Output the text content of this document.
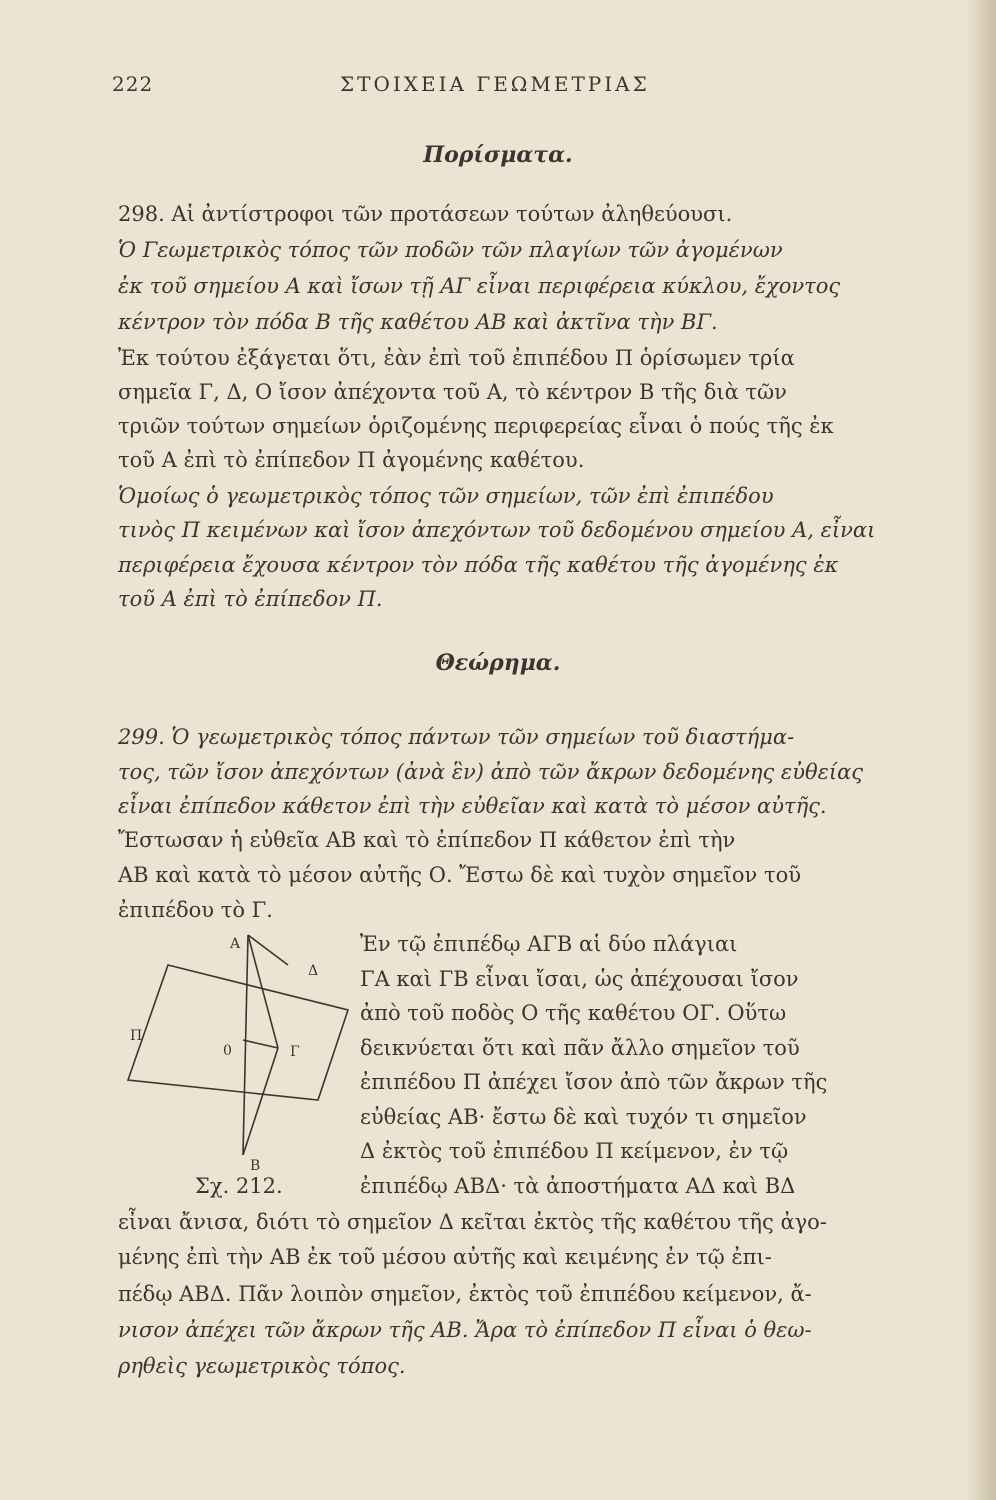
222	ΣΤΟΙΧΕΙΑ ΓΕΩΜΕΤΡΙΑΣ
Πορίσματα.
298. Αἱ ἀντίστροφοι τῶν προτάσεων τούτων ἀληθεύουσι.
Ὁ Γεωμετρικὸς τόπος τῶν ποδῶν τῶν πλαγίων τῶν ἀγομένων
ἐκ τοῦ σημείου Α καὶ ἴσων τῇ ΑΓ εἶναι περιφέρεια κύκλου, ἔχοντος
κέντρον τὸν πόδα Β τῆς καθέτου ΑΒ καὶ ἀκτῖνα τὴν ΒΓ.
Ἐκ τούτου ἐξάγεται ὅτι, ἐὰν ἐπὶ τοῦ ἐπιπέδου Π ὁρίσωμεν τρία
σημεῖα Γ, Δ, Ο ἴσον ἀπέχοντα τοῦ Α, τὸ κέντρον Β τῆς διὰ τῶν
τριῶν τούτων σημείων ὁριζομένης περιφερείας εἶναι ὁ πούς τῆς ἐκ
τοῦ Α ἐπὶ τὸ ἐπίπεδον Π ἀγομένης καθέτου.
Ὁμοίως ὁ γεωμετρικὸς τόπος τῶν σημείων, τῶν ἐπὶ ἐπιπέδου
τινὸς Π κειμένων καὶ ἴσον ἀπεχόντων τοῦ δεδομένου σημείου Α, εἶναι
περιφέρεια ἔχουσα κέντρον τὸν πόδα τῆς καθέτου τῆς ἀγομένης ἐκ
τοῦ Α ἐπὶ τὸ ἐπίπεδον Π.
Θεώρημα.
299. Ὁ γεωμετρικὸς τόπος πάντων τῶν σημείων τοῦ διαστήμα-
τος, τῶν ἴσον ἀπεχόντων (ἀνὰ ἓν) ἀπὸ τῶν ἄκρων δεδομένης εὐθείας
εἶναι ἐπίπεδον κάθετον ἐπὶ τὴν εὐθεῖαν καὶ κατὰ τὸ μέσον αὐτῆς.
Ἔστωσαν ἡ εὐθεῖα ΑΒ καὶ τὸ ἐπίπεδον Π κάθετον ἐπὶ τὴν
ΑΒ καὶ κατὰ τὸ μέσον αὐτῆς Ο. Ἔστω δὲ καὶ τυχὸν σημεῖον τοῦ
ἐπιπέδου τὸ Γ.
A
Δ
Π
0	Γ
B
Ἐν τῷ ἐπιπέδῳ ΑΓΒ αἱ δύο πλάγιαι
ΓΑ καὶ ΓΒ εἶναι ἴσαι, ὡς ἀπέχουσαι ἴσον
ἀπὸ τοῦ ποδὸς Ο τῆς καθέτου ΟΓ. Οὕτω
δεικνύεται ὅτι καὶ πᾶν ἄλλο σημεῖον τοῦ
ἐπιπέδου Π ἀπέχει ἴσον ἀπὸ τῶν ἄκρων τῆς
εὐθείας ΑΒ· ἔστω δὲ καὶ τυχόν τι σημεῖον
Δ ἐκτὸς τοῦ ἐπιπέδου Π κείμενον, ἐν τῷ
ἐπιπέδῳ ΑΒΔ· τὰ ἀποστήματα ΑΔ καὶ ΒΔ
Σχ. 212.
εἶναι ἄνισα, διότι τὸ σημεῖον Δ κεῖται ἐκτὸς τῆς καθέτου τῆς ἀγο-
μένης ἐπὶ τὴν ΑΒ ἐκ τοῦ μέσου αὐτῆς καὶ κειμένης ἐν τῷ ἐπι-
πέδῳ ΑΒΔ. Πᾶν λοιπὸν σημεῖον, ἐκτὸς τοῦ ἐπιπέδου κείμενον, ἄ-
νισον ἀπέχει τῶν ἄκρων τῆς ΑΒ. Ἄρα τὸ ἐπίπεδον Π εἶναι ὁ θεω-
ρηθεὶς γεωμετρικὸς τόπος.
